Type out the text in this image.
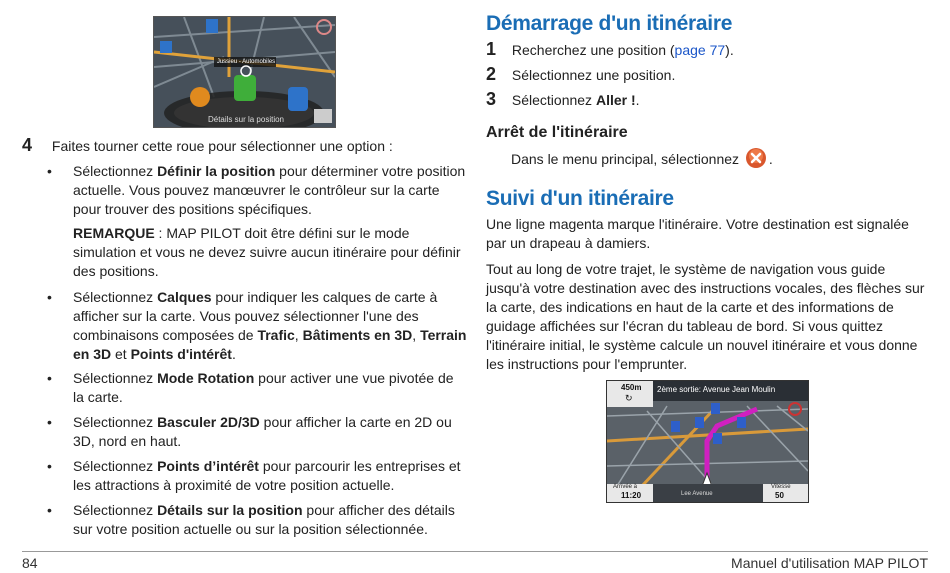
Jussieu - Automobiles
Détails sur la position
4 Faites tourner cette roue pour sélectionner une option :
• Sélectionnez Définir la position pour déterminer votre position actuelle. Vous pouvez manœuvrer le contrôleur sur la carte pour trouver des positions spécifiques.
REMARQUE : MAP PILOT doit être défini sur le mode simulation et vous ne devez suivre aucun itinéraire pour définir des positions.
• Sélectionnez Calques pour indiquer les calques de carte à afficher sur la carte. Vous pouvez sélectionner l'une des combinaisons composées de Trafic, Bâtiments en 3D, Terrain en 3D et Points d'intérêt.
• Sélectionnez Mode Rotation pour activer une vue pivotée de la carte.
• Sélectionnez Basculer 2D/3D pour afficher la carte en 2D ou 3D, nord en haut.
• Sélectionnez Points d’intérêt pour parcourir les entreprises et les attractions à proximité de votre position actuelle.
• Sélectionnez Détails sur la position pour afficher des détails sur votre position actuelle ou sur la position sélectionnée.
Démarrage d'un itinéraire
1 Recherchez une position (page 77).
2 Sélectionnez une position.
3 Sélectionnez Aller !.
Arrêt de l'itinéraire
Dans le menu principal, sélectionnez .
Suivi d'un itinéraire
Une ligne magenta marque l'itinéraire. Votre destination est signalée par un drapeau à damiers.
Tout au long de votre trajet, le système de navigation vous guide jusqu'à votre destination avec des instructions vocales, des flèches sur la carte, des indications en haut de la carte et des informations de guidage affichées sur l'écran du tableau de bord. Si vous quittez l'itinéraire initial, le système calcule un nouvel itinéraire et vous donne les instructions pour l'emprunter.
450m
↻
2ème sortie: Avenue Jean Moulin
Arrivée à
11:20	Lee Avenue
Vitesse
50
84	Manuel d'utilisation MAP PILOT
